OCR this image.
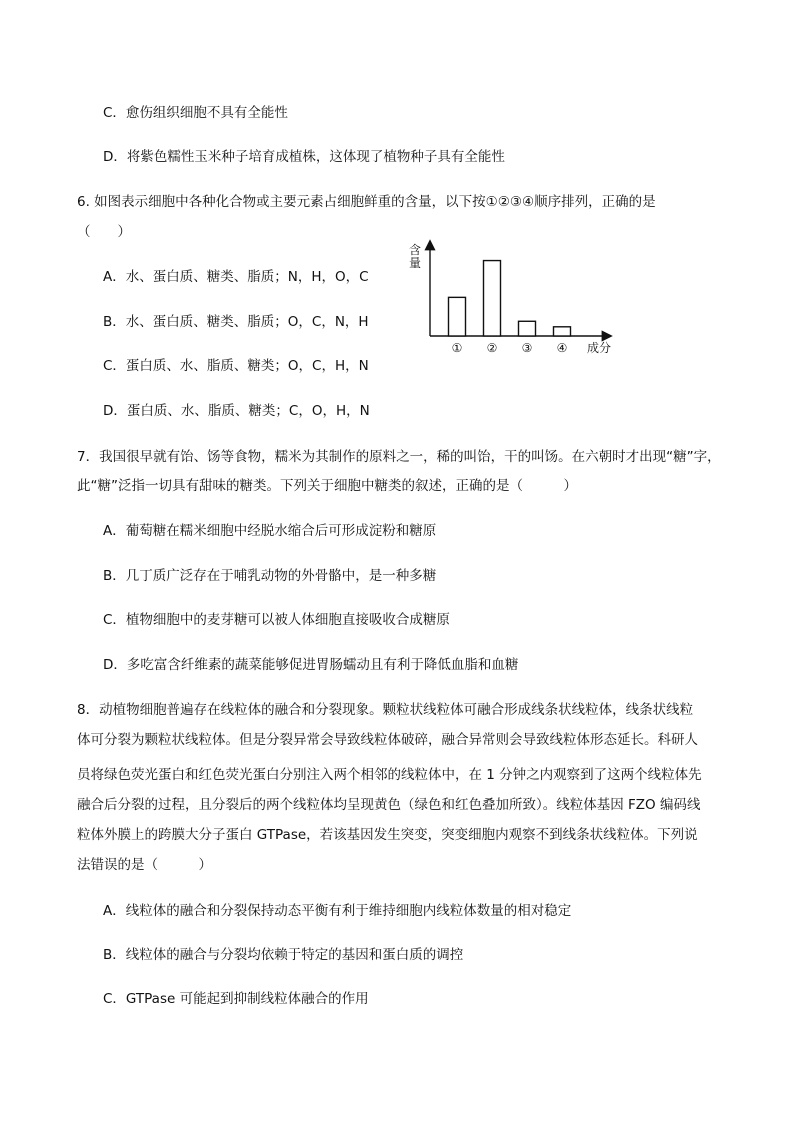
C．愈伤组织细胞不具有全能性
D．将紫色糯性玉米种子培育成植株，这体现了植物种子具有全能性
6. 如图表示细胞中各种化合物或主要元素占细胞鲜重的含量，以下按①②③④顺序排列，正确的是
（　　）
A．水、蛋白质、糖类、脂质；N，H，O，C
B．水、蛋白质、糖类、脂质；O，C，N，H
C．蛋白质、水、脂质、糖类；O，C，H，N
D．蛋白质、水、脂质、糖类；C，O，H，N
含
量
成分
① ② ③ ④
7．我国很早就有饴、饧等食物，糯米为其制作的原料之一，稀的叫饴，干的叫饧。在六朝时才出现“糖”字，
此“糖”泛指一切具有甜味的糖类。下列关于细胞中糖类的叙述，正确的是（　　　）
A．葡萄糖在糯米细胞中经脱水缩合后可形成淀粉和糖原
B．几丁质广泛存在于哺乳动物的外骨骼中，是一种多糖
C．植物细胞中的麦芽糖可以被人体细胞直接吸收合成糖原
D．多吃富含纤维素的蔬菜能够促进胃肠蠕动且有利于降低血脂和血糖
8．动植物细胞普遍存在线粒体的融合和分裂现象。颗粒状线粒体可融合形成线条状线粒体，线条状线粒
体可分裂为颗粒状线粒体。但是分裂异常会导致线粒体破碎，融合异常则会导致线粒体形态延长。科研人
员将绿色荧光蛋白和红色荧光蛋白分别注入两个相邻的线粒体中，在 1 分钟之内观察到了这两个线粒体先
融合后分裂的过程，且分裂后的两个线粒体均呈现黄色（绿色和红色叠加所致）。线粒体基因 FZO 编码线
粒体外膜上的跨膜大分子蛋白 GTPase，若该基因发生突变，突变细胞内观察不到线条状线粒体。下列说
法错误的是（　　　）
A．线粒体的融合和分裂保持动态平衡有利于维持细胞内线粒体数量的相对稳定
B．线粒体的融合与分裂均依赖于特定的基因和蛋白质的调控
C．GTPase 可能起到抑制线粒体融合的作用
